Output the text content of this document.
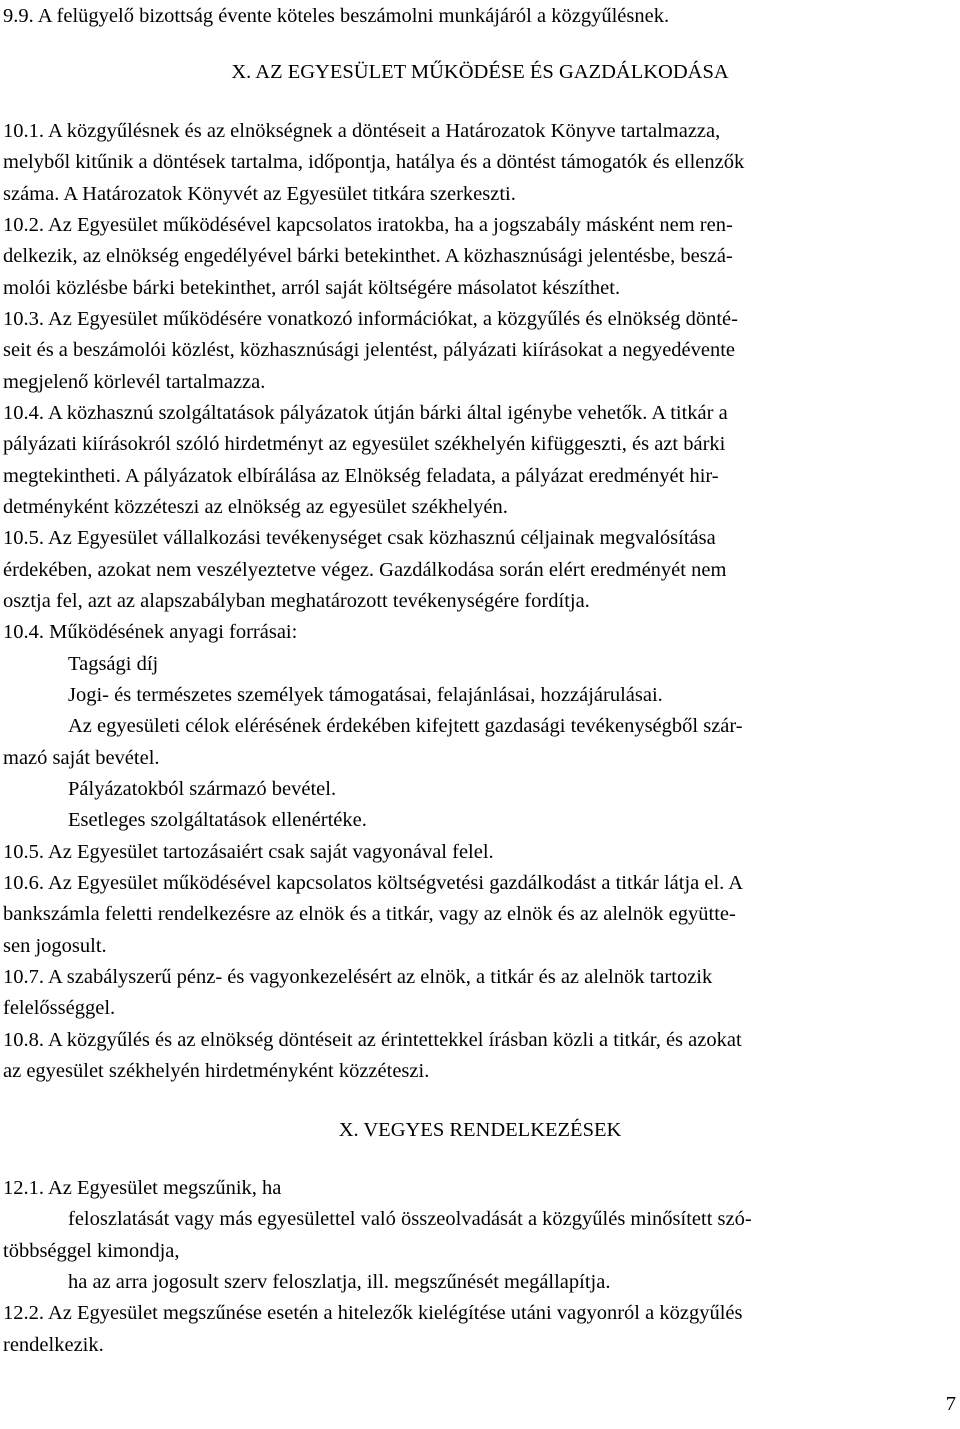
9.9. A felügyelő bizottság évente köteles beszámolni munkájáról a közgyűlésnek.
X. AZ EGYESÜLET MŰKÖDÉSE ÉS GAZDÁLKODÁSA
10.1. A közgyűlésnek és az elnökségnek a döntéseit a Határozatok Könyve tartalmazza,
melyből kitűnik a döntések tartalma, időpontja, hatálya és a döntést támogatók és ellenzők
száma. A Határozatok Könyvét az Egyesület titkára szerkeszti.
10.2. Az Egyesület működésével kapcsolatos iratokba, ha a jogszabály másként nem ren-
delkezik, az elnökség engedélyével bárki betekinthet. A közhasznúsági jelentésbe, beszá-
molói közlésbe bárki betekinthet, arról saját költségére másolatot készíthet.
10.3. Az Egyesület működésére vonatkozó információkat, a közgyűlés és elnökség dönté-
seit és a beszámolói közlést, közhasznúsági jelentést, pályázati kiírásokat a negyedévente
megjelenő körlevél tartalmazza.
10.4. A közhasznú szolgáltatások pályázatok útján bárki által igénybe vehetők. A titkár a
pályázati kiírásokról szóló hirdetményt az egyesület székhelyén kifüggeszti, és azt bárki
megtekintheti. A pályázatok elbírálása az Elnökség feladata, a pályázat eredményét hir-
detményként közzéteszi az elnökség az egyesület székhelyén.
10.5. Az Egyesület vállalkozási tevékenységet csak közhasznú céljainak megvalósítása
érdekében, azokat nem veszélyeztetve végez. Gazdálkodása során elért eredményét nem
osztja fel, azt az alapszabályban meghatározott tevékenységére fordítja.
10.4. Működésének anyagi forrásai:
Tagsági díj
Jogi- és természetes személyek támogatásai, felajánlásai, hozzájárulásai.
Az egyesületi célok elérésének érdekében kifejtett gazdasági tevékenységből szár-
mazó saját bevétel.
Pályázatokból származó bevétel.
Esetleges szolgáltatások ellenértéke.
10.5. Az Egyesület tartozásaiért csak saját vagyonával felel.
10.6. Az Egyesület működésével kapcsolatos költségvetési gazdálkodást a titkár látja el. A
bankszámla feletti rendelkezésre az elnök és a titkár, vagy az elnök és az alelnök együtte-
sen jogosult.
10.7. A szabályszerű pénz- és vagyonkezelésért az elnök, a titkár és az alelnök tartozik
felelősséggel.
10.8. A közgyűlés és az elnökség döntéseit az érintettekkel írásban közli a titkár, és azokat
az egyesület székhelyén hirdetményként közzéteszi.
X. VEGYES RENDELKEZÉSEK
12.1. Az Egyesület megszűnik, ha
feloszlatását vagy más egyesülettel való összeolvadását a közgyűlés minősített szó-
többséggel kimondja,
ha az arra jogosult szerv feloszlatja, ill. megszűnését megállapítja.
12.2. Az Egyesület megszűnése esetén a hitelezők kielégítése utáni vagyonról a közgyűlés
rendelkezik.
7
